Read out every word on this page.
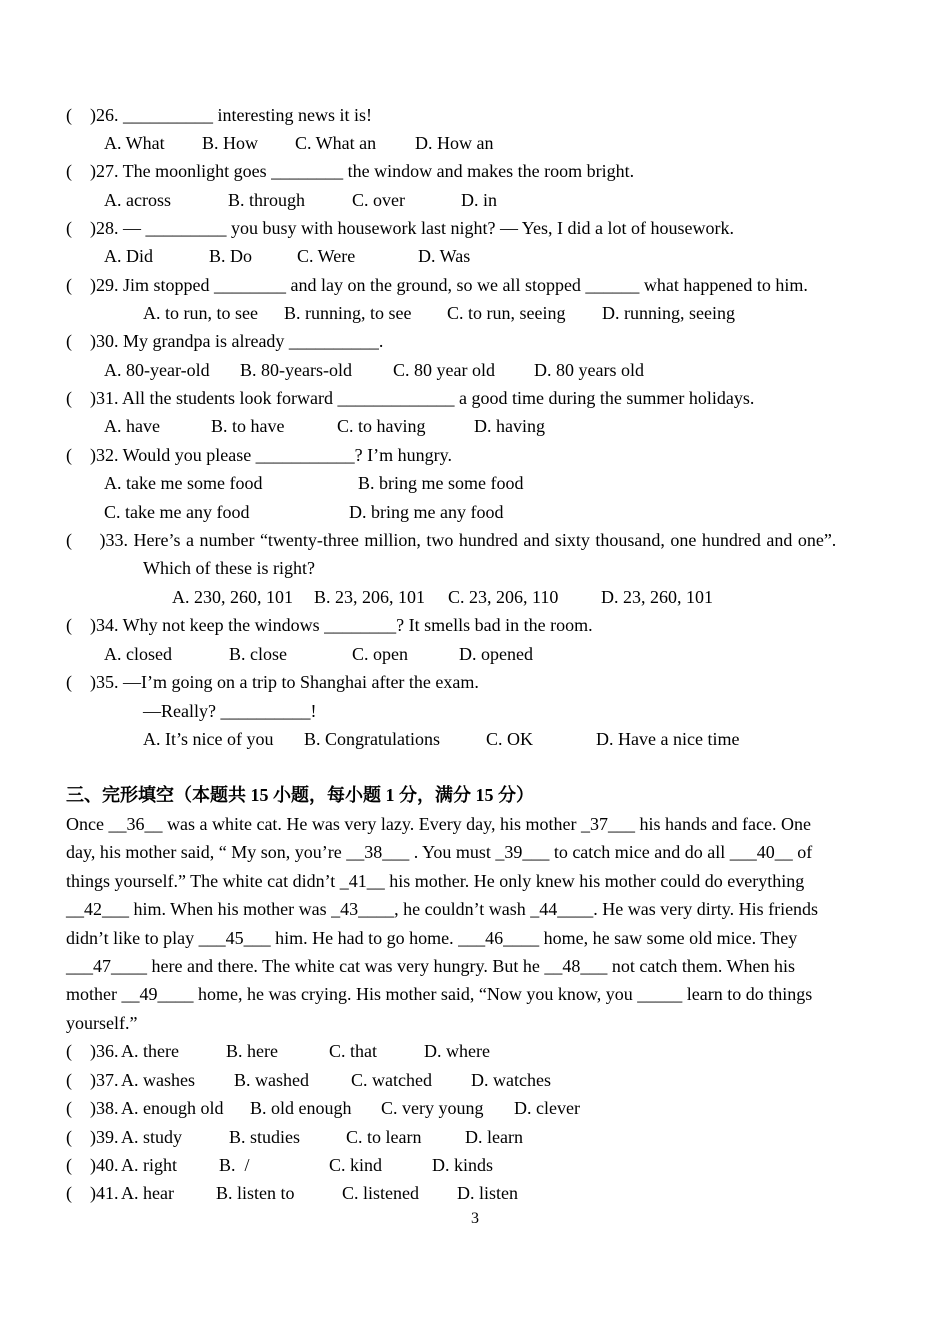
(    )26. __________ interesting news it is!
A. What B. How C. What an D. How an
(    )27. The moonlight goes ________ the window and makes the room bright.
A. across	B. through	C. over	D. in
(    )28. — _________ you busy with housework last night? — Yes, I did a lot of housework.
A. Did	B. Do C. Were	D. Was
(    )29. Jim stopped ________ and lay on the ground, so we all stopped ______ what happened to him.
A. to run, to see B. running, to see C. to run, seeing D. running, seeing
(    )30. My grandpa is already __________.
A. 80-year-old B. 80-years-old C. 80 year old D. 80 years old
(    )31. All the students look forward _____________ a good time during the summer holidays.
A. have	B. to have	C. to having	D. having
(    )32. Would you please ___________? I’m hungry.
A. take me some food	B. bring me some food
C. take me any food	D. bring me any food
(     )33. Here’s a number “twenty-three million, two hundred and sixty thousand, one hundred and one”.
Which of these is right?
A. 230, 260, 101 B. 23, 206, 101 C. 23, 206, 110 D. 23, 260, 101
(    )34. Why not keep the windows ________? It smells bad in the room.
A. closed	B. close	C. open	D. opened
(    )35. —I’m going on a trip to Shanghai after the exam.
—Really? __________!
A. It’s nice of you B. Congratulations	C. OK	D. Have a nice time
三、完形填空（本题共 15 小题，每小题 1 分，满分 15 分）
Once __36__ was a white cat. He was very lazy. Every day, his mother _37___ his hands and face. One
day, his mother said, “ My son, you’re __38___ . You must _39___ to catch mice and do all ___40__ of
things yourself.” The white cat didn’t _41__ his mother. He only knew his mother could do everything
__42___ him. When his mother was _43____, he couldn’t wash _44____. He was very dirty. His friends
didn’t like to play ___45___ him. He had to go home. ___46____ home, he saw some old mice. They
___47____ here and there. The white cat was very hungry. But he __48___ not catch them. When his
mother __49____ home, he was crying. His mother said, “Now you know, you _____ learn to do things
yourself.”
(    )36. A. there	B. here	C. that	D. where
(    )37. A. washes B. washed C. watched D. watches
(    )38. A. enough old B. old enough C. very young D. clever
(    )39. A. study	B. studies	C. to learn D. learn
(    )40. A. right B.  /	C. kind	D. kinds
(    )41. A. hear B. listen to	C. listened D. listen
3
